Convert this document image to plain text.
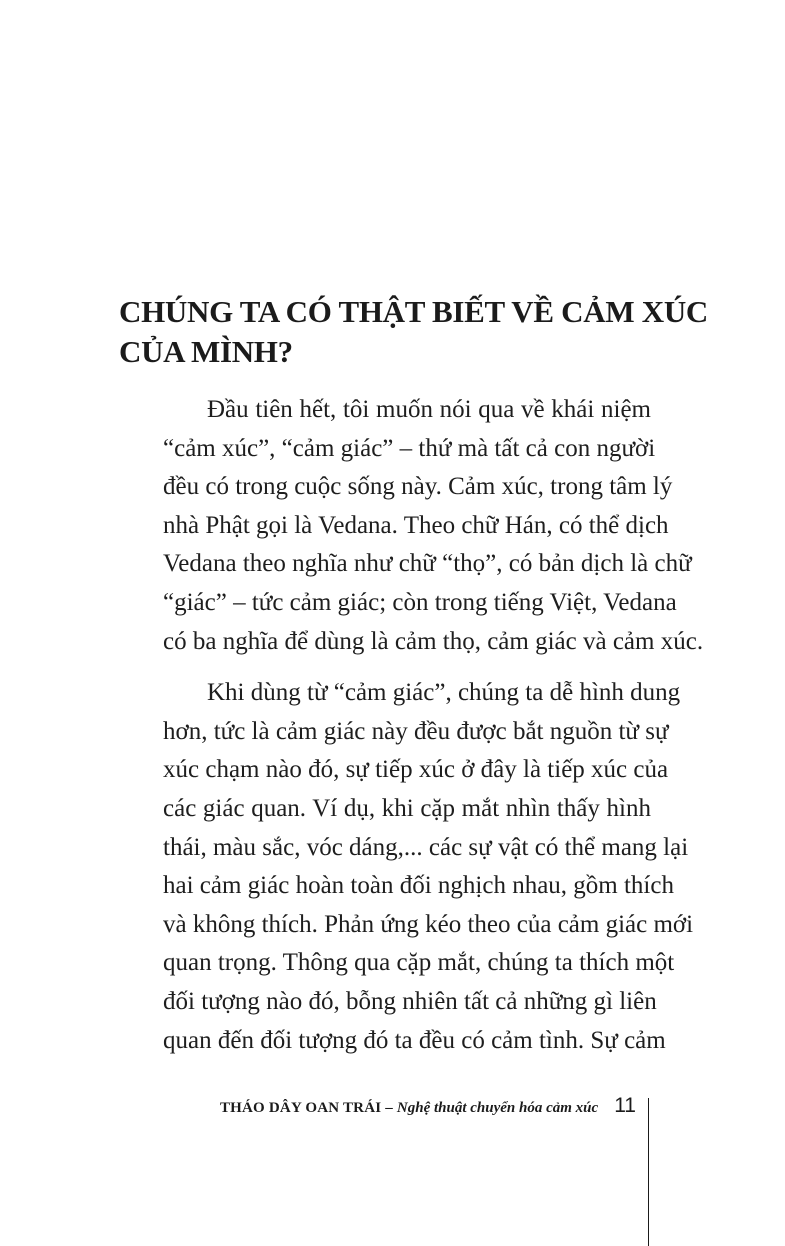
CHÚNG TA CÓ THẬT BIẾT VỀ CẢM XÚC
CỦA MÌNH?
Đầu tiên hết, tôi muốn nói qua về khái niệm
“cảm xúc”, “cảm giác” – thứ mà tất cả con người
đều có trong cuộc sống này. Cảm xúc, trong tâm lý
nhà Phật gọi là Vedana. Theo chữ Hán, có thể dịch
Vedana theo nghĩa như chữ “thọ”, có bản dịch là chữ
“giác” – tức cảm giác; còn trong tiếng Việt, Vedana
có ba nghĩa để dùng là cảm thọ, cảm giác và cảm xúc.
Khi dùng từ “cảm giác”, chúng ta dễ hình dung
hơn, tức là cảm giác này đều được bắt nguồn từ sự
xúc chạm nào đó, sự tiếp xúc ở đây là tiếp xúc của
các giác quan. Ví dụ, khi cặp mắt nhìn thấy hình
thái, màu sắc, vóc dáng,... các sự vật có thể mang lại
hai cảm giác hoàn toàn đối nghịch nhau, gồm thích
và không thích. Phản ứng kéo theo của cảm giác mới
quan trọng. Thông qua cặp mắt, chúng ta thích một
đối tượng nào đó, bỗng nhiên tất cả những gì liên
quan đến đối tượng đó ta đều có cảm tình. Sự cảm
THÁO DÂY OAN TRÁI – Nghệ thuật chuyển hóa cảm xúc 11
